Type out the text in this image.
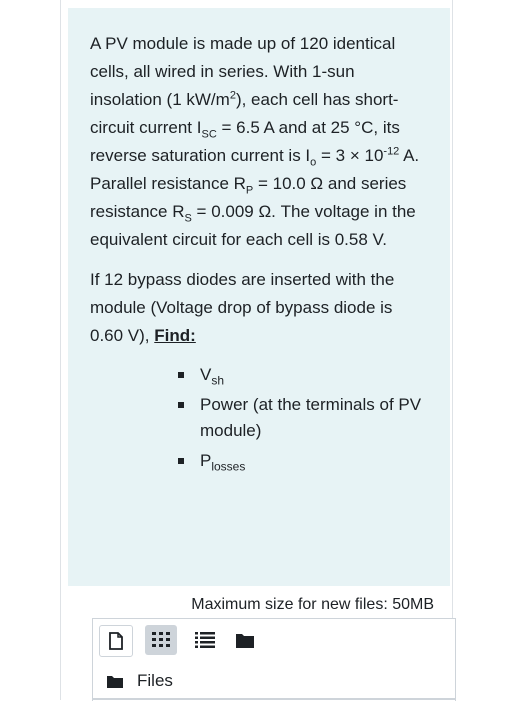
A PV module is made up of 120 identical cells, all wired in series. With 1-sun insolation (1 $kW/m^2$), each cell has short-circuit current $I_{SC} = 6.5$ A and at 25 °C, its reverse saturation current is $I_o = 3 \times 10^{-12}$ A. Parallel resistance $R_P = 10.0$ Ω and series resistance $R_S = 0.009$ Ω. The voltage in the equivalent circuit for each cell is 0.58 V.

If 12 bypass diodes are inserted with the module (Voltage drop of bypass diode is 0.60 V), Find:

$V_{sh}$
Power (at the terminals of PV module)
$P_{losses}$
Maximum size for new files: 50MB
Files
